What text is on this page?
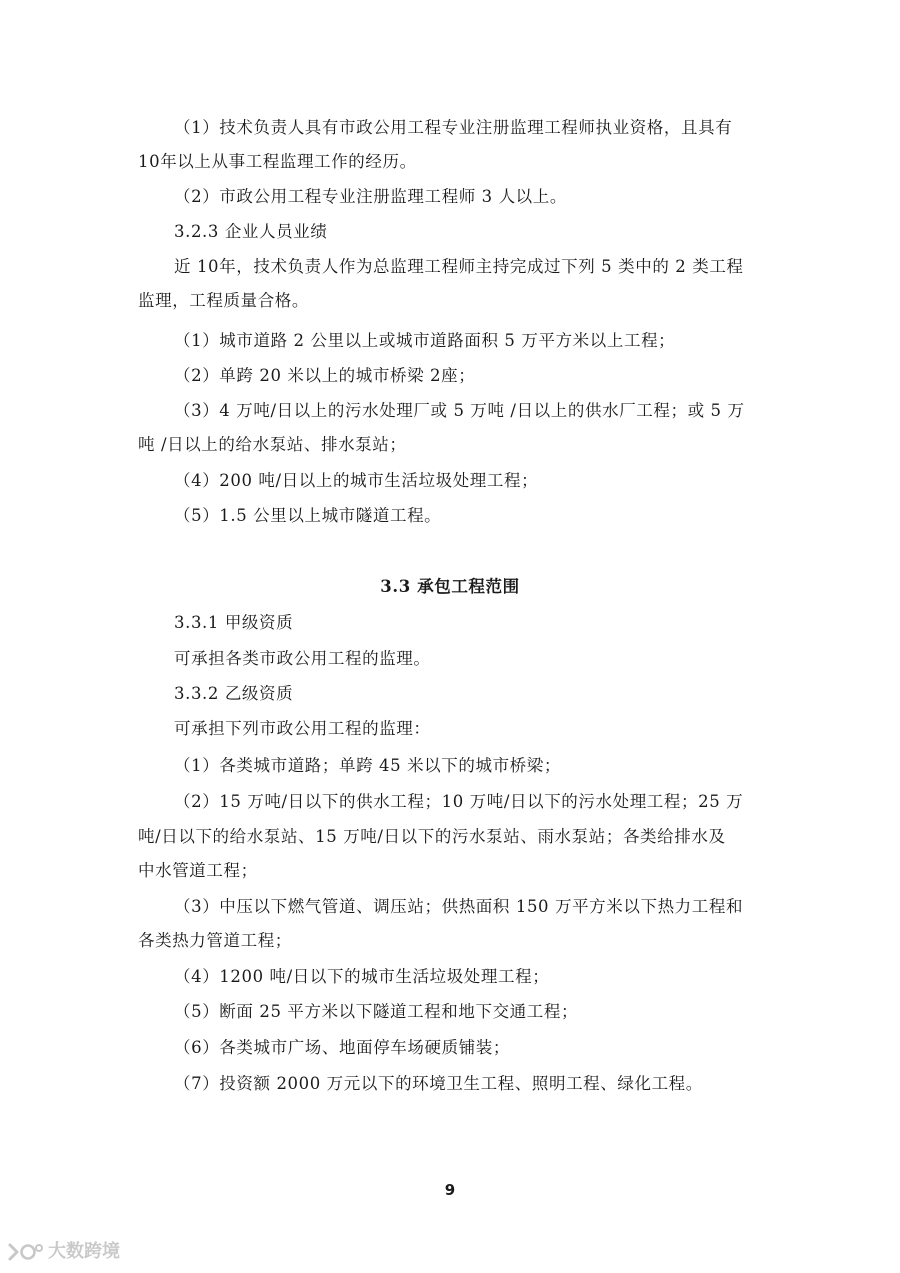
（1）技术负责人具有市政公用工程专业注册监理工程师执业资格，且具有
10年以上从事工程监理工作的经历。
（2）市政公用工程专业注册监理工程师 3 人以上。
3.2.3 企业人员业绩
近 10年，技术负责人作为总监理工程师主持完成过下列 5 类中的 2 类工程
监理，工程质量合格。
（1）城市道路 2 公里以上或城市道路面积 5 万平方米以上工程；
（2）单跨 20 米以上的城市桥梁 2座；
（3）4 万吨/日以上的污水处理厂或 5 万吨 /日以上的供水厂工程；或 5 万
吨 /日以上的给水泵站、排水泵站；
（4）200 吨/日以上的城市生活垃圾处理工程；
（5）1.5 公里以上城市隧道工程。
3.3 承包工程范围
3.3.1 甲级资质
可承担各类市政公用工程的监理。
3.3.2 乙级资质
可承担下列市政公用工程的监理：
（1）各类城市道路；单跨 45 米以下的城市桥梁；
（2）15 万吨/日以下的供水工程；10 万吨/日以下的污水处理工程；25 万
吨/日以下的给水泵站、15 万吨/日以下的污水泵站、雨水泵站；各类给排水及
中水管道工程；
（3）中压以下燃气管道、调压站；供热面积 150 万平方米以下热力工程和
各类热力管道工程；
（4）1200 吨/日以下的城市生活垃圾处理工程；
（5）断面 25 平方米以下隧道工程和地下交通工程；
（6）各类城市广场、地面停车场硬质铺装；
（7）投资额 2000 万元以下的环境卫生工程、照明工程、绿化工程。
9
大数跨境
